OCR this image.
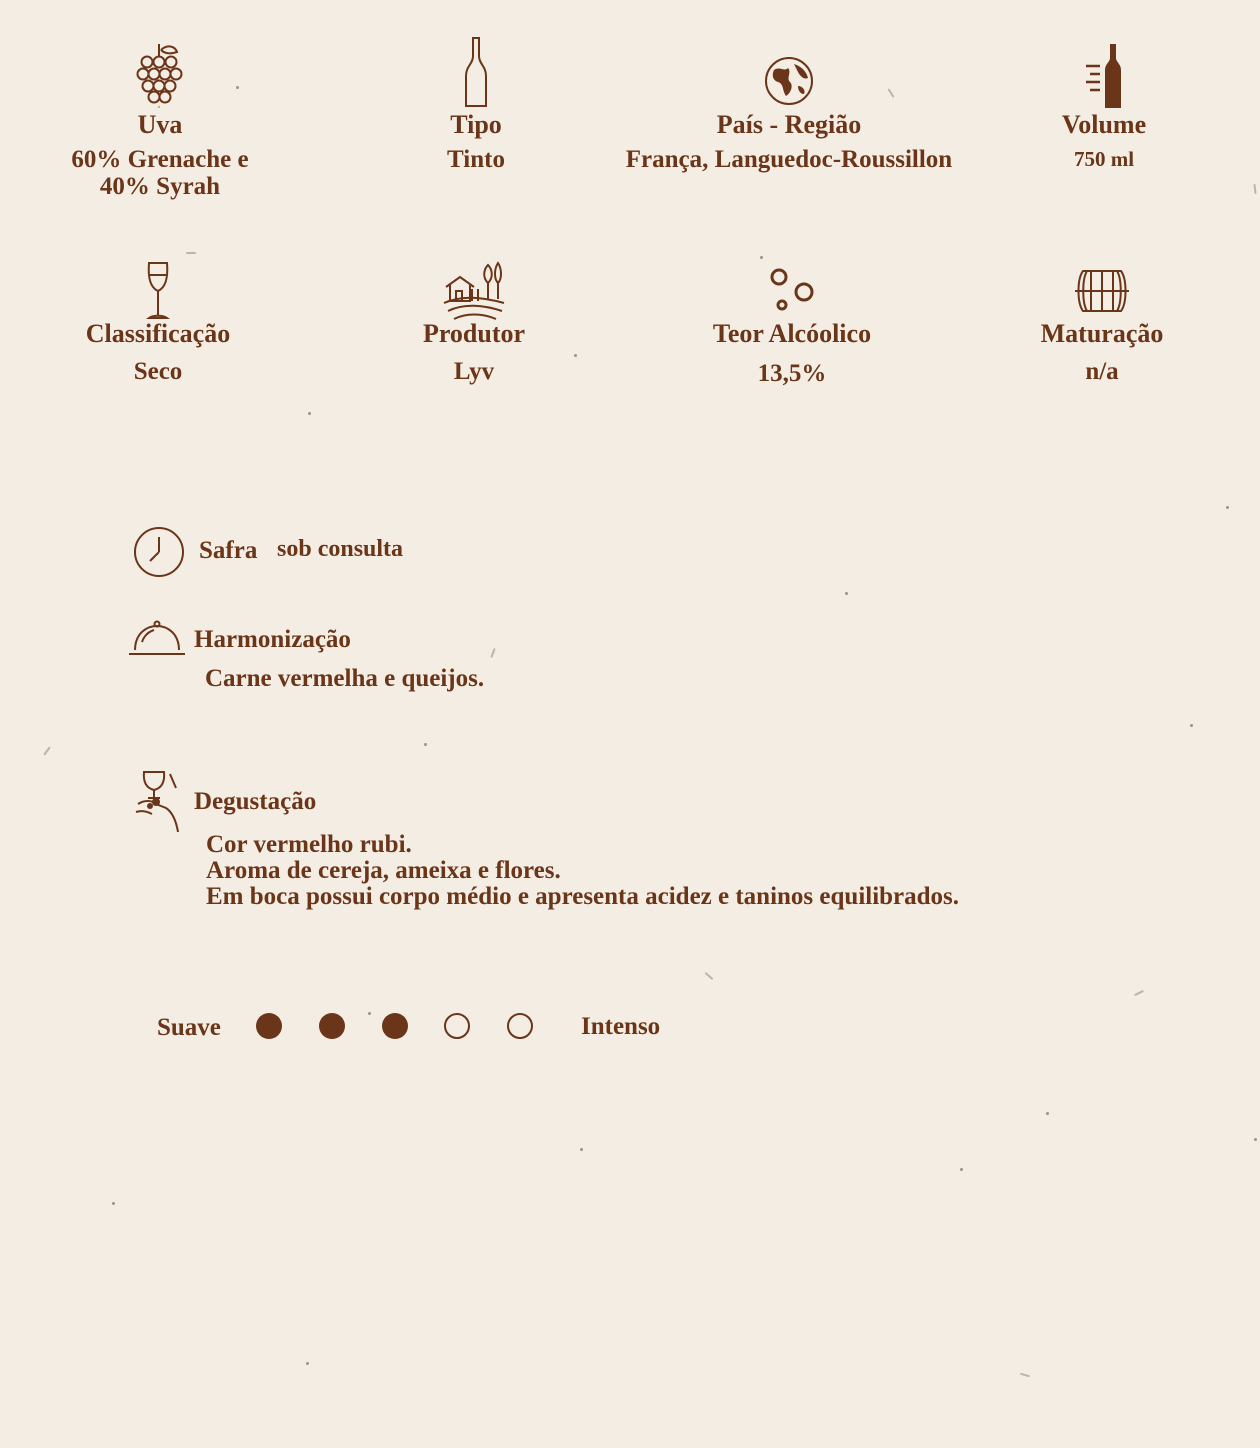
Uva
60% Grenache e
40% Syrah
Tipo
Tinto
País - Região
França, Languedoc-Roussillon
Volume
750 ml
Classificação
Seco
Produtor
Lyv
Teor Alcóolico
13,5%
Maturação
n/a
Safra sob consulta
Harmonização
Carne vermelha e queijos.
Degustação
Cor vermelho rubi.
Aroma de cereja, ameixa e flores.
Em boca possui corpo médio e apresenta acidez e taninos equilibrados.
Suave	Intenso
